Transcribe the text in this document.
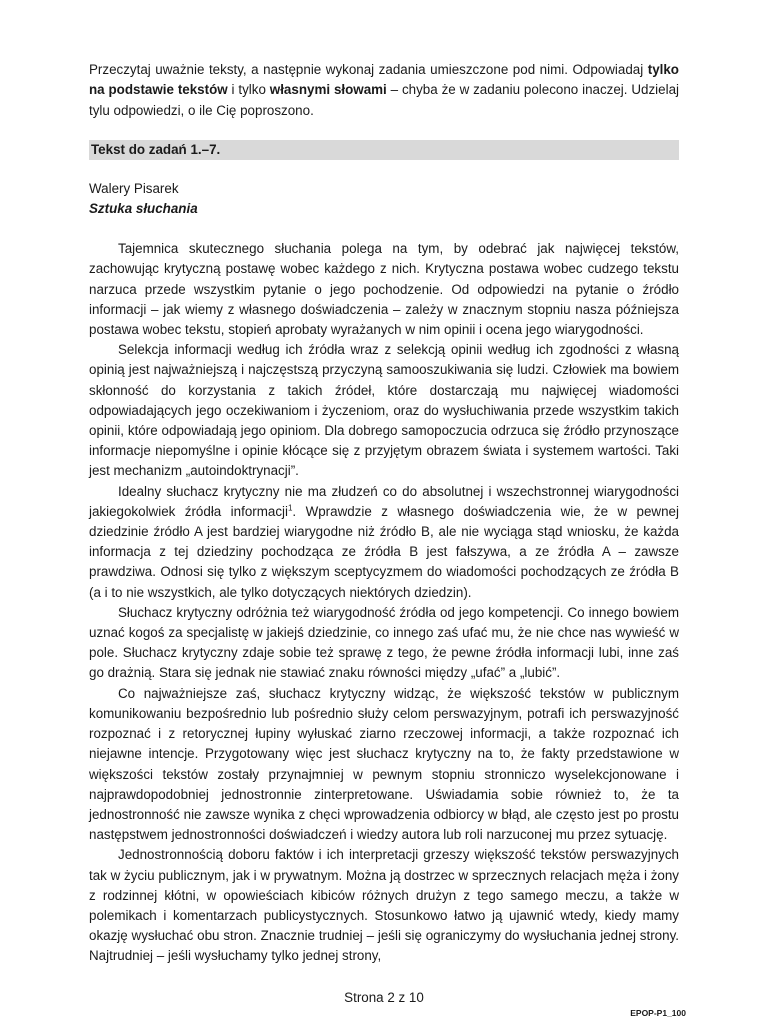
Przeczytaj uważnie teksty, a następnie wykonaj zadania umieszczone pod nimi. Odpowiadaj tylko na podstawie tekstów i tylko własnymi słowami – chyba że w zadaniu polecono inaczej. Udzielaj tylu odpowiedzi, o ile Cię poproszono.

Tekst do zadań 1.–7.
Walery Pisarek
Sztuka słuchania

Tajemnica skutecznego słuchania polega na tym, by odebrać jak najwięcej tekstów, zachowując krytyczną postawę wobec każdego z nich. Krytyczna postawa wobec cudzego tekstu narzuca przede wszystkim pytanie o jego pochodzenie. Od odpowiedzi na pytanie o źródło informacji – jak wiemy z własnego doświadczenia – zależy w znacznym stopniu nasza późniejsza postawa wobec tekstu, stopień aprobaty wyrażanych w nim opinii i ocena jego wiarygodności.

Selekcja informacji według ich źródła wraz z selekcją opinii według ich zgodności z własną opinią jest najważniejszą i najczęstszą przyczyną samooszukiwania się ludzi. Człowiek ma bowiem skłonność do korzystania z takich źródeł, które dostarczają mu najwięcej wiadomości odpowiadających jego oczekiwaniom i życzeniom, oraz do wysłuchiwania przede wszystkim takich opinii, które odpowiadają jego opiniom. Dla dobrego samopoczucia odrzuca się źródło przynoszące informacje niepomyślne i opinie kłócące się z przyjętym obrazem świata i systemem wartości. Taki jest mechanizm „autoindoktrynacji”.

Idealny słuchacz krytyczny nie ma złudzeń co do absolutnej i wszechstronnej wiarygodności jakiegokolwiek źródła informacji$^1$. Wprawdzie z własnego doświadczenia wie, że w pewnej dziedzinie źródło A jest bardziej wiarygodne niż źródło B, ale nie wyciąga stąd wniosku, że każda informacja z tej dziedziny pochodząca ze źródła B jest fałszywa, a ze źródła A – zawsze prawdziwa. Odnosi się tylko z większym sceptycyzmem do wiadomości pochodzących ze źródła B (a i to nie wszystkich, ale tylko dotyczących niektórych dziedzin).

Słuchacz krytyczny odróżnia też wiarygodność źródła od jego kompetencji. Co innego bowiem uznać kogoś za specjalistę w jakiejś dziedzinie, co innego zaś ufać mu, że nie chce nas wywieść w pole. Słuchacz krytyczny zdaje sobie też sprawę z tego, że pewne źródła informacji lubi, inne zaś go drażnią. Stara się jednak nie stawiać znaku równości między „ufać” a „lubić”.

Co najważniejsze zaś, słuchacz krytyczny widząc, że większość tekstów w publicznym komunikowaniu bezpośrednio lub pośrednio służy celom perswazyjnym, potrafi ich perswazyjność rozpoznać i z retorycznej łupiny wyłuskać ziarno rzeczowej informacji, a także rozpoznać ich niejawne intencje. Przygotowany więc jest słuchacz krytyczny na to, że fakty przedstawione w większości tekstów zostały przynajmniej w pewnym stopniu stronniczo wyselekcjonowane i najprawdopodobniej jednostronnie zinterpretowane. Uświadamia sobie również to, że ta jednostronność nie zawsze wynika z chęci wprowadzenia odbiorcy w błąd, ale często jest po prostu następstwem jednostronności doświadczeń i wiedzy autora lub roli narzuconej mu przez sytuację.

Jednostronnością doboru faktów i ich interpretacji grzeszy większość tekstów perswazyjnych tak w życiu publicznym, jak i w prywatnym. Można ją dostrzec w sprzecznych relacjach męża i żony z rodzinnej kłótni, w opowieściach kibiców różnych drużyn z tego samego meczu, a także w polemikach i komentarzach publicystycznych. Stosunkowo łatwo ją ujawnić wtedy, kiedy mamy okazję wysłuchać obu stron. Znacznie trudniej – jeśli się ograniczymy do wysłuchania jednej strony. Najtrudniej – jeśli wysłuchamy tylko jednej strony,

Strona 2 z 10
EPOP-P1_100
